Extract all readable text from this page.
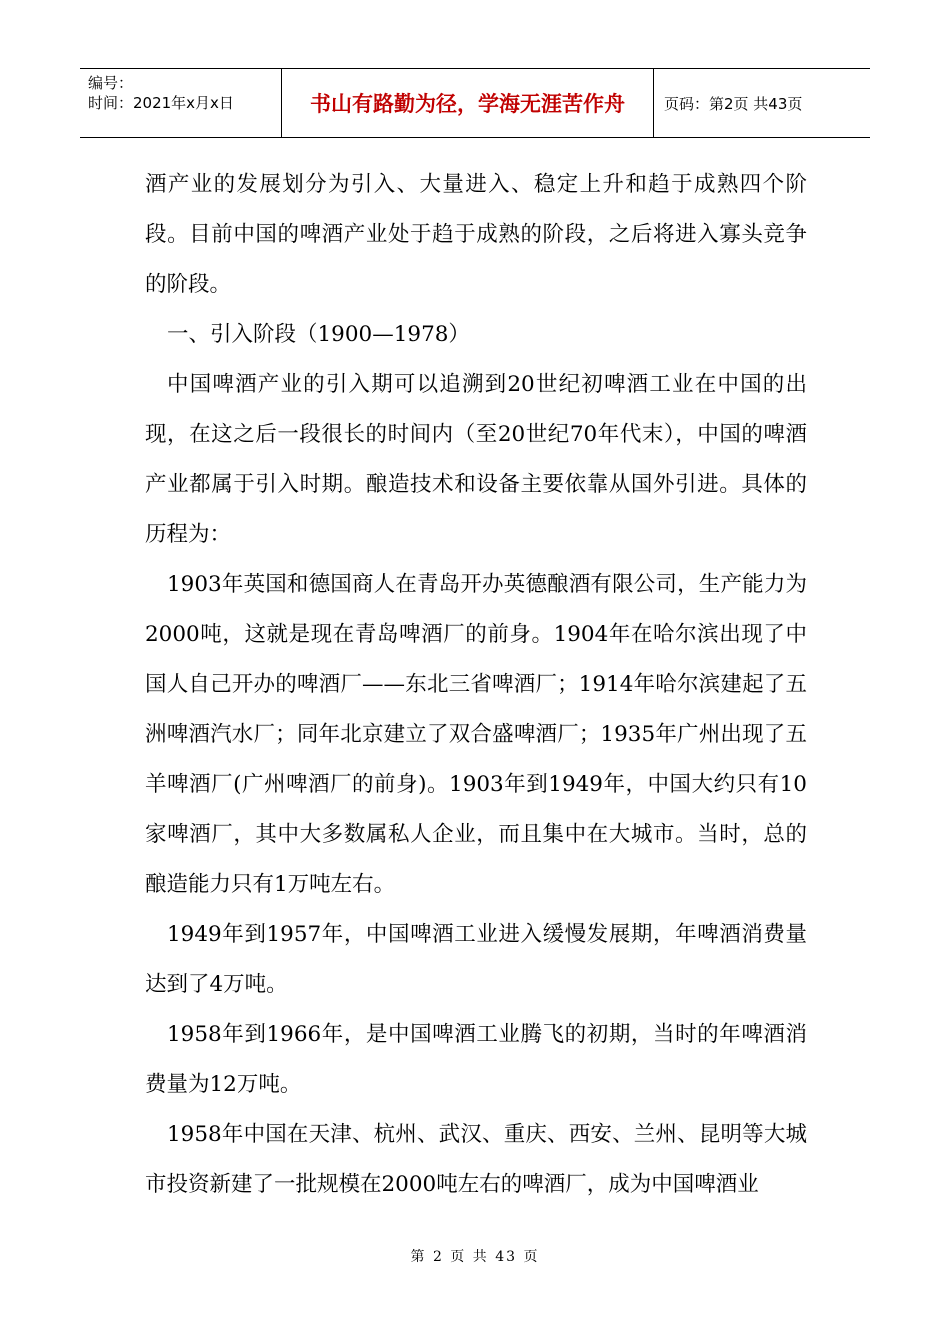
编号：
时间：2021年x月x日	书山有路勤为径，学海无涯苦作舟	页码：第2页 共43页

酒产业的发展划分为引入、大量进入、稳定上升和趋于成熟四个阶段。目前中国的啤酒产业处于趋于成熟的阶段，之后将进入寡头竞争的阶段。

一、引入阶段（1900—1978）

中国啤酒产业的引入期可以追溯到20世纪初啤酒工业在中国的出现，在这之后一段很长的时间内（至20世纪70年代末），中国的啤酒产业都属于引入时期。酿造技术和设备主要依靠从国外引进。具体的历程为：

1903年英国和德国商人在青岛开办英德酿酒有限公司，生产能力为2000吨，这就是现在青岛啤酒厂的前身。1904年在哈尔滨出现了中国人自己开办的啤酒厂——东北三省啤酒厂；1914年哈尔滨建起了五洲啤酒汽水厂；同年北京建立了双合盛啤酒厂；1935年广州出现了五羊啤酒厂(广州啤酒厂的前身)。1903年到1949年，中国大约只有10家啤酒厂，其中大多数属私人企业，而且集中在大城市。当时，总的酿造能力只有1万吨左右。

1949年到1957年，中国啤酒工业进入缓慢发展期，年啤酒消费量达到了4万吨。

1958年到1966年，是中国啤酒工业腾飞的初期，当时的年啤酒消费量为12万吨。

1958年中国在天津、杭州、武汉、重庆、西安、兰州、昆明等大城市投资新建了一批规模在2000吨左右的啤酒厂，成为中国啤酒业

第 2 页 共 43 页
